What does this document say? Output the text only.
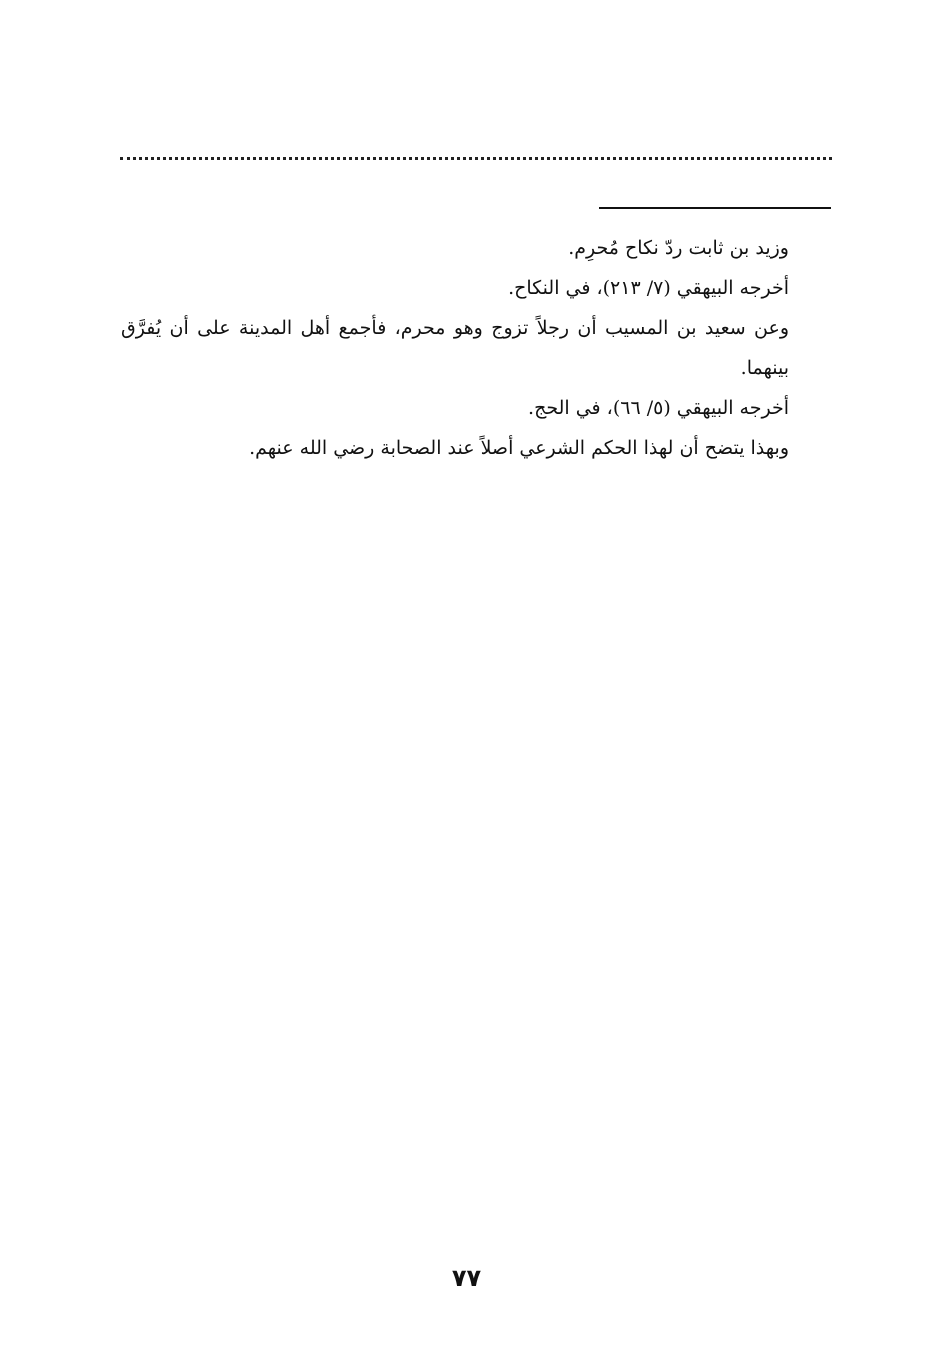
وزيد بن ثابت ردّ نكاح مُحرِم.

أخرجه البيهقي (٧/ ٢١٣)، في النكاح.

وعن سعيد بن المسيب أن رجلاً تزوج وهو محرم، فأجمع أهل المدينة على أن يُفرَّق بينهما.

أخرجه البيهقي (٥/ ٦٦)، في الحج.

وبهذا يتضح أن لهذا الحكم الشرعي أصلاً عند الصحابة رضي الله عنهم.

٧٧
